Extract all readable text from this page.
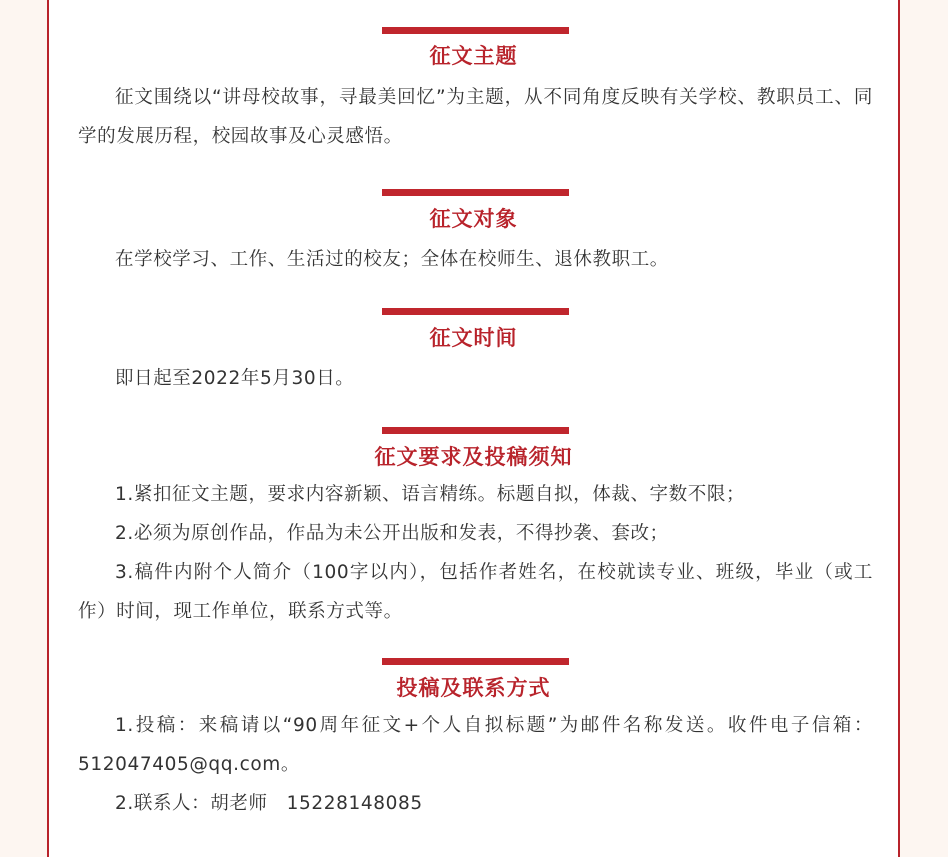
征文主题
征文围绕以“讲母校故事，寻最美回忆”为主题，从不同角度反映有关学校、教职员工、同学的发展历程，校园故事及心灵感悟。
征文对象
在学校学习、工作、生活过的校友；全体在校师生、退休教职工。
征文时间
即日起至2022年5月30日。
征文要求及投稿须知
1.紧扣征文主题，要求内容新颖、语言精练。标题自拟，体裁、字数不限；
2.必须为原创作品，作品为未公开出版和发表，不得抄袭、套改；
3.稿件内附个人简介（100字以内），包括作者姓名，在校就读专业、班级，毕业（或工作）时间，现工作单位，联系方式等。
投稿及联系方式
1.投稿：来稿请以“90周年征文+个人自拟标题”为邮件名称发送。收件电子信箱：512047405@qq.com。
2.联系人：胡老师　15228148085
